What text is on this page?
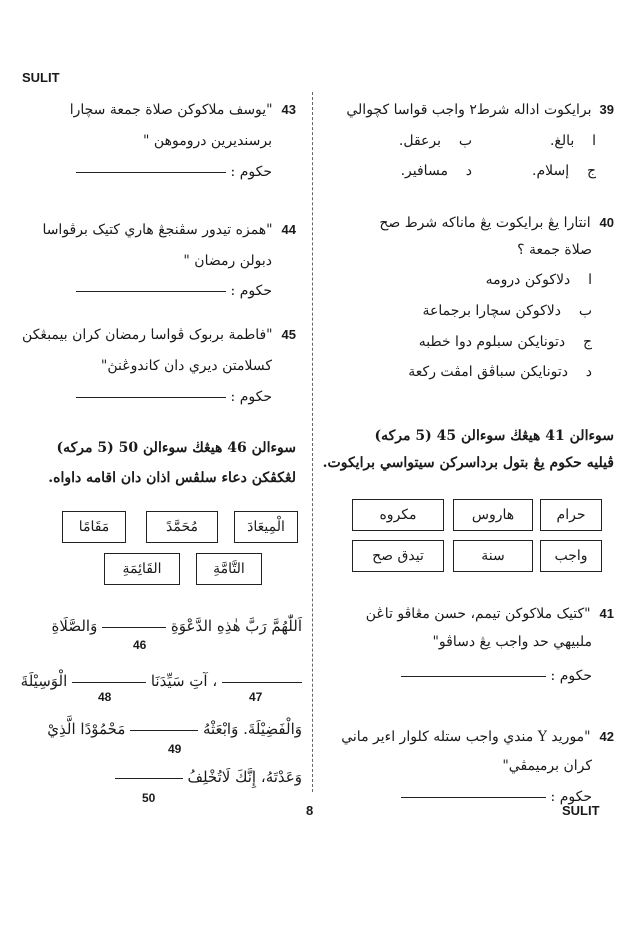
SULIT
8	SULIT
39
برايكوت اداله شرط٢ واجب قواسا كچوالي
ا    بالغ.
ب    برعقل.
ج    إسلام.
د    مسافير.
40  انتارا يڠ برايكوت يڠ ماناكه شرط صح
صلاة جمعة ؟
ا    دلاكوكن درومه
ب    دلاكوكن سچارا برجماعة
ج    دتونايكن سبلوم دوا خطبه
د    دتونايكن سباڤق امڤت ركعة
سوءالن 41 هيڠڬ سوءالن 45 (5 مركه)
ڤيليه حکوم يڠ بتول برداسركن سيتواسي برايكوت.
مکروه	هاروس	حرام
تيدق صح	سنة	واجب
41  "كتيک ملاكوكن تيمم، حسن مڠاڤو تاڠن
ملبيهي حد واجب يڠ دساڤو"
حکوم :
42  "موريد Y مندي واجب ستله كلوار اءير ماني
كران برميمڤي"
حکوم :
43  "يوسف ملاكوكن صلاة جمعة سچارا
برسنديرين دروموهن "
حکوم :
44  "همزه تيدور سڤنجڠ هاري كتيک برڤواسا
دبولن رمضان "
حکوم :
45  "فاطمة بربوک ڤواسا رمضان كران بيمبڠكن
كسلامتن ديري دان كاندوڠنڽ"
حکوم :
سوءالن 46 هيڠڬ سوءالن 50 (5 مركه)
لڠكڤكن دعاء سلڤس اذان دان اقامه داواه.
مَقَامًا	مُحَمَّدً	الْمِيعَادَ
القَائِمَةِ	التَّامَّةِ
اَللّٰهُمَّ رَبَّ هٰذِهِ الدَّعْوَةِ  وَالصَّلَاةِ
46
، آتِ سَيِّدَنَا  الْوَسِيْلَةَ
47
48
وَالْفَضِيْلَةَ. وَابْعَثْهُ  مَحْمُوْدًا الَّذِيْ
49
وَعَدْتَهُ، إِنَّكَ لَاتُخْلِفُ
50
